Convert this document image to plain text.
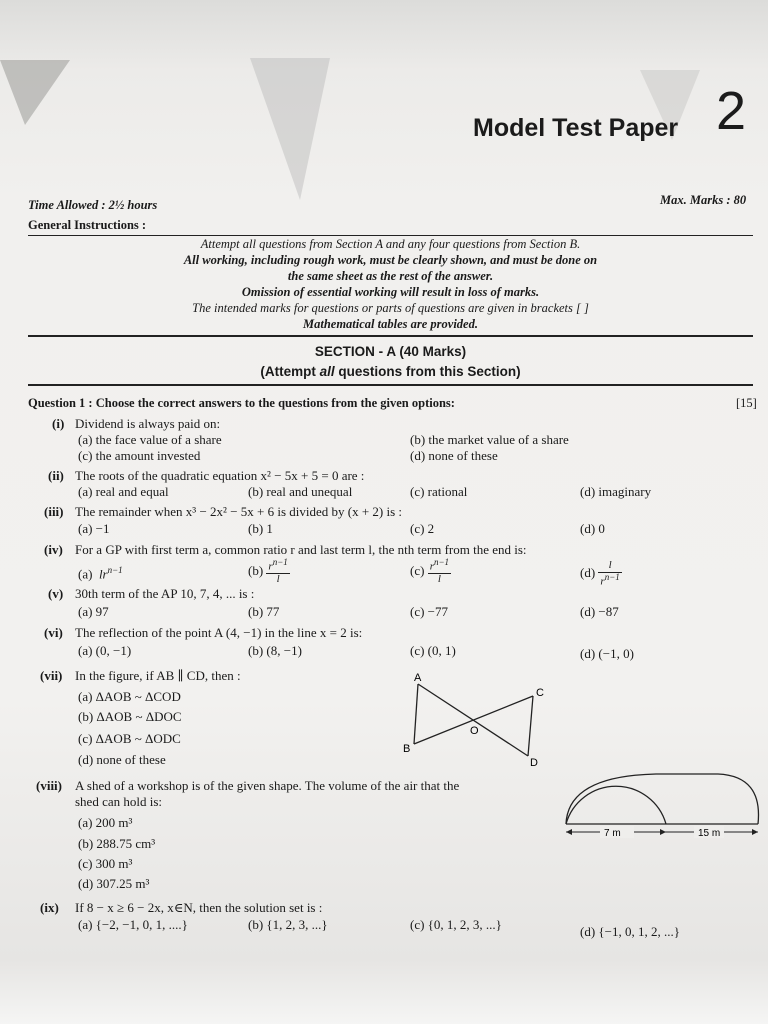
Model Test Paper 2
Time Allowed : 2½ hours	Max. Marks : 80
General Instructions :
Attempt all questions from Section A and any four questions from Section B.
All working, including rough work, must be clearly shown, and must be done on
the same sheet as the rest of the answer.
Omission of essential working will result in loss of marks.
The intended marks for questions or parts of questions are given in brackets [ ]
Mathematical tables are provided.
SECTION - A (40 Marks)
(Attempt all questions from this Section)
Question 1 : Choose the correct answers to the questions from the given options:	[15]
(i) Dividend is always paid on:
(a) the face value of a share	(b) the market value of a share
(c) the amount invested	(d) none of these
(ii) The roots of the quadratic equation x² − 5x + 5 = 0 are :
(a) real and equal	(b) real and unequal	(c) rational	(d) imaginary
(iii) The remainder when x³ − 2x² − 5x + 6 is divided by (x + 2) is :
(a) −1	(b) 1	(c) 2	(d) 0
(iv) For a GP with first term a, common ratio r and last term l, the nth term from the end is:
(a) $lr^{n-1}$	$(b) \frac{r^{n-1}}{l}$	$(c) \frac{r^{n-1}}{l}$	$(d) \frac{l}{r^{n-1}}$
(v) 30th term of the AP 10, 7, 4, ... is :
(a) 97	(b) 77	(c) −77	(d) −87
(vi) The reflection of the point A (4, −1) in the line x = 2 is:
(a) (0, −1)	(b) (8, −1)	(c) (0, 1)	(d) (−1, 0)
(vii) In the figure, if AB ∥ CD, then :
(a) ΔAOB ~ ΔCOD
(b) ΔAOB ~ ΔDOC
(c) ΔAOB ~ ΔODC
(d) none of these
A
B
C
D
O
(viii) A shed of a workshop is of the given shape. The volume of the air that the
shed can hold is:
(a) 200 m³
(b) 288.75 cm³
(c) 300 m³
(d) 307.25 m³
7 m	15 m
(ix) If 8 − x ≥ 6 − 2x, x∈N, then the solution set is :
(a) {−2, −1, 0, 1, ....}	(b) {1, 2, 3, ...}	(c) {0, 1, 2, 3, ...}	(d) {−1, 0, 1, 2, ...}
